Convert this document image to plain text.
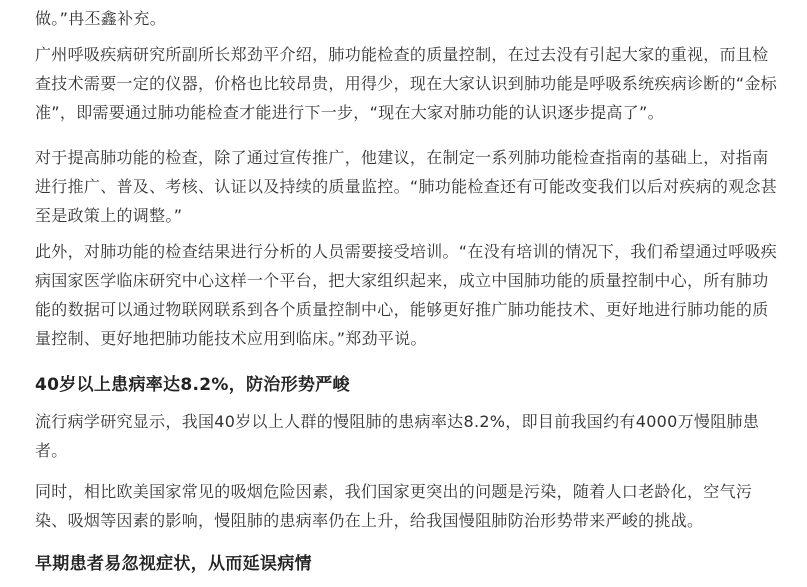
做。”冉丕鑫补充。

广州呼吸疾病研究所副所长郑劲平介绍，肺功能检查的质量控制，在过去没有引起大家的重视，而且检查技术需要一定的仪器，价格也比较昂贵，用得少，现在大家认识到肺功能是呼吸系统疾病诊断的“金标准”，即需要通过肺功能检查才能进行下一步，“现在大家对肺功能的认识逐步提高了”。

对于提高肺功能的检查，除了通过宣传推广，他建议，在制定一系列肺功能检查指南的基础上，对指南进行推广、普及、考核、认证以及持续的质量监控。“肺功能检查还有可能改变我们以后对疾病的观念甚至是政策上的调整。”

此外，对肺功能的检查结果进行分析的人员需要接受培训。“在没有培训的情况下，我们希望通过呼吸疾病国家医学临床研究中心这样一个平台，把大家组织起来，成立中国肺功能的质量控制中心，所有肺功能的数据可以通过物联网联系到各个质量控制中心，能够更好推广肺功能技术、更好地进行肺功能的质量控制、更好地把肺功能技术应用到临床。”郑劲平说。

40岁以上患病率达8.2%，防治形势严峻

流行病学研究显示，我国40岁以上人群的慢阻肺的患病率达8.2%，即目前我国约有4000万慢阻肺患者。

同时，相比欧美国家常见的吸烟危险因素，我们国家更突出的问题是污染，随着人口老龄化，空气污染、吸烟等因素的影响，慢阻肺的患病率仍在上升，给我国慢阻肺防治形势带来严峻的挑战。

早期患者易忽视症状，从而延误病情
